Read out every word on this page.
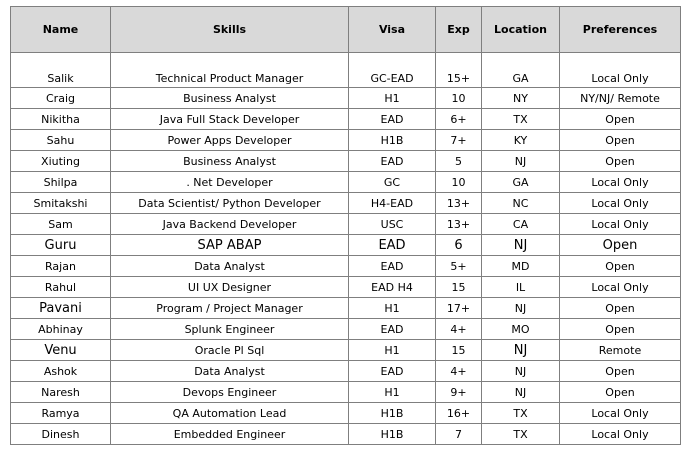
Name	Skills	Visa	Exp	Location	Preferences
Salik	Technical Product Manager	GC-EAD	15+	GA	Local Only
Craig	Business Analyst	H1	10	NY	NY/NJ/ Remote
Nikitha	Java Full Stack Developer	EAD	6+	TX	Open
Sahu	Power Apps Developer	H1B	7+	KY	Open
Xiuting	Business Analyst	EAD	5	NJ	Open
Shilpa	. Net Developer	GC	10	GA	Local Only
Smitakshi	Data Scientist/ Python Developer	H4-EAD	13+	NC	Local Only
Sam	Java Backend Developer	USC	13+	CA	Local Only
Guru	SAP ABAP	EAD	6	NJ	Open
Rajan	Data Analyst	EAD	5+	MD	Open
Rahul	UI UX Designer	EAD H4	15	IL	Local Only
Pavani	Program / Project Manager	H1	17+	NJ	Open
Abhinay	Splunk Engineer	EAD	4+	MO	Open
Venu	Oracle Pl Sql	H1	15	NJ	Remote
Ashok	Data Analyst	EAD	4+	NJ	Open
Naresh	Devops Engineer	H1	9+	NJ	Open
Ramya	QA Automation Lead	H1B	16+	TX	Local Only
Dinesh	Embedded Engineer	H1B	7	TX	Local Only
